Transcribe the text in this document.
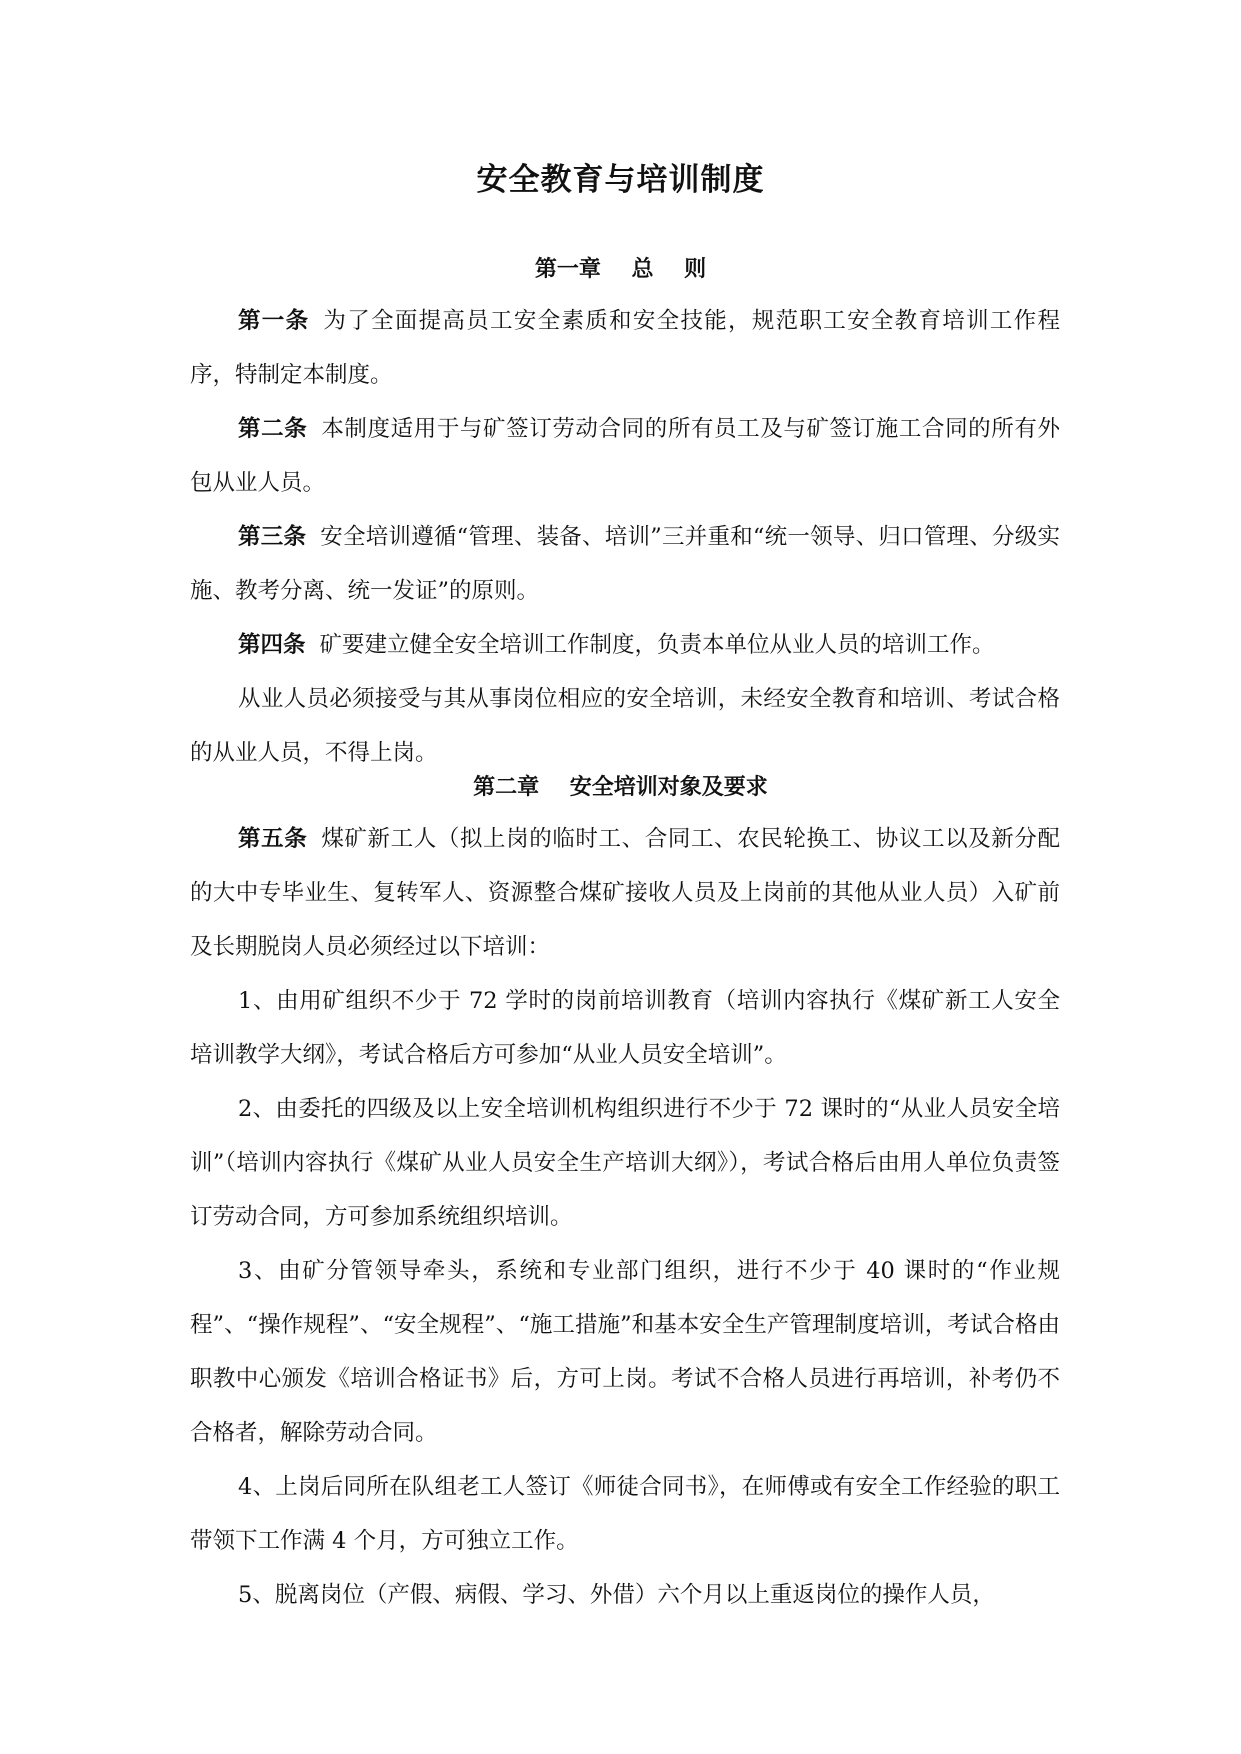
安全教育与培训制度
第一章    总    则

第一条 为了全面提高员工安全素质和安全技能，规范职工安全教育培训工作程序，特制定本制度。

第二条 本制度适用于与矿签订劳动合同的所有员工及与矿签订施工合同的所有外包从业人员。

第三条 安全培训遵循“管理、装备、培训”三并重和“统一领导、归口管理、分级实施、教考分离、统一发证”的原则。

第四条 矿要建立健全安全培训工作制度，负责本单位从业人员的培训工作。

从业人员必须接受与其从事岗位相应的安全培训，未经安全教育和培训、考试合格的从业人员，不得上岗。

第二章    安全培训对象及要求

第五条 煤矿新工人（拟上岗的临时工、合同工、农民轮换工、协议工以及新分配的大中专毕业生、复转军人、资源整合煤矿接收人员及上岗前的其他从业人员）入矿前及长期脱岗人员必须经过以下培训：

1、由用矿组织不少于 72 学时的岗前培训教育（培训内容执行《煤矿新工人安全培训教学大纲》，考试合格后方可参加“从业人员安全培训”。

2、由委托的四级及以上安全培训机构组织进行不少于 72 课时的“从业人员安全培训”（培训内容执行《煤矿从业人员安全生产培训大纲》），考试合格后由用人单位负责签订劳动合同，方可参加系统组织培训。

3、由矿分管领导牵头，系统和专业部门组织，进行不少于 40 课时的“作业规程”、“操作规程”、“安全规程”、“施工措施”和基本安全生产管理制度培训，考试合格由职教中心颁发《培训合格证书》后，方可上岗。考试不合格人员进行再培训，补考仍不合格者，解除劳动合同。

4、上岗后同所在队组老工人签订《师徒合同书》，在师傅或有安全工作经验的职工带领下工作满 4 个月，方可独立工作。

5、脱离岗位（产假、病假、学习、外借）六个月以上重返岗位的操作人员，
